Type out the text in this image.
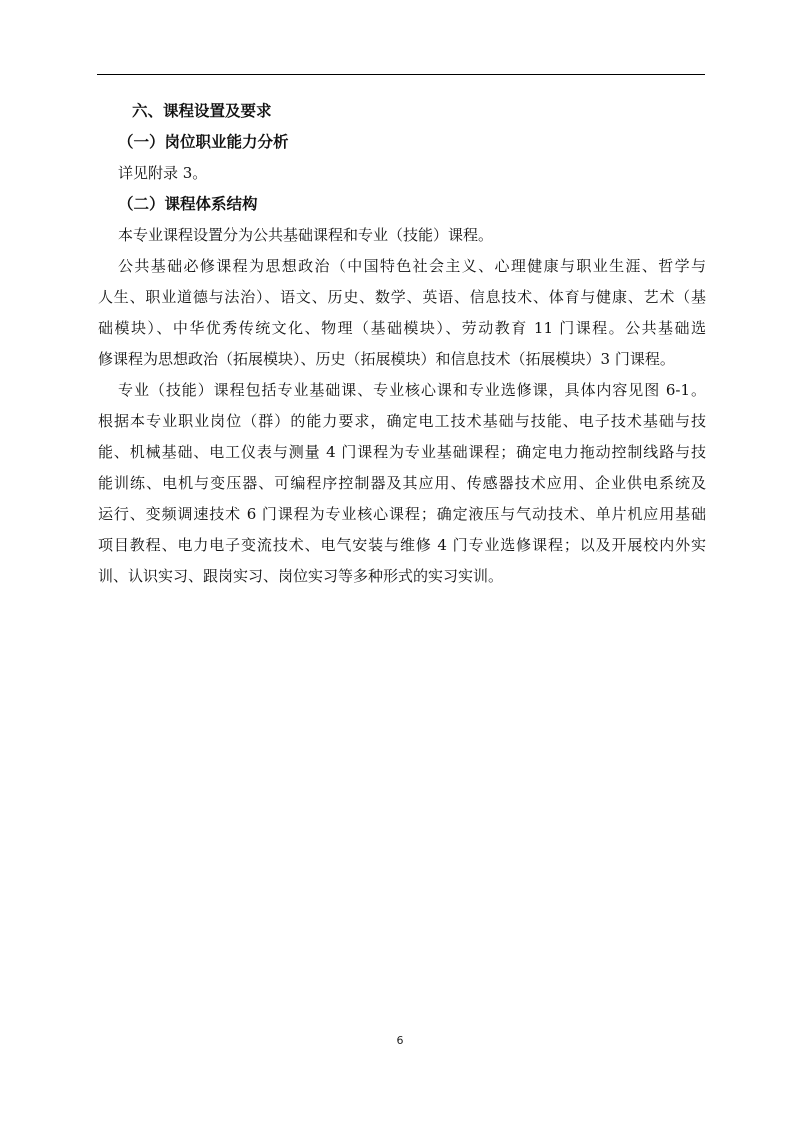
六、课程设置及要求

（一）岗位职业能力分析

详见附录 3。

（二）课程体系结构

本专业课程设置分为公共基础课程和专业（技能）课程。

公共基础必修课程为思想政治（中国特色社会主义、心理健康与职业生涯、哲学与
人生、职业道德与法治）、语文、历史、数学、英语、信息技术、体育与健康、艺术（基
础模块）、中华优秀传统文化、物理（基础模块）、劳动教育 11 门课程。公共基础选
修课程为思想政治（拓展模块）、历史（拓展模块）和信息技术（拓展模块）3 门课程。
专业（技能）课程包括专业基础课、专业核心课和专业选修课，具体内容见图 6-1。
根据本专业职业岗位（群）的能力要求，确定电工技术基础与技能、电子技术基础与技
能、机械基础、电工仪表与测量 4 门课程为专业基础课程；确定电力拖动控制线路与技
能训练、电机与变压器、可编程序控制器及其应用、传感器技术应用、企业供电系统及
运行、变频调速技术 6 门课程为专业核心课程；确定液压与气动技术、单片机应用基础
项目教程、电力电子变流技术、电气安装与维修 4 门专业选修课程；以及开展校内外实
训、认识实习、跟岗实习、岗位实习等多种形式的实习实训。
6
